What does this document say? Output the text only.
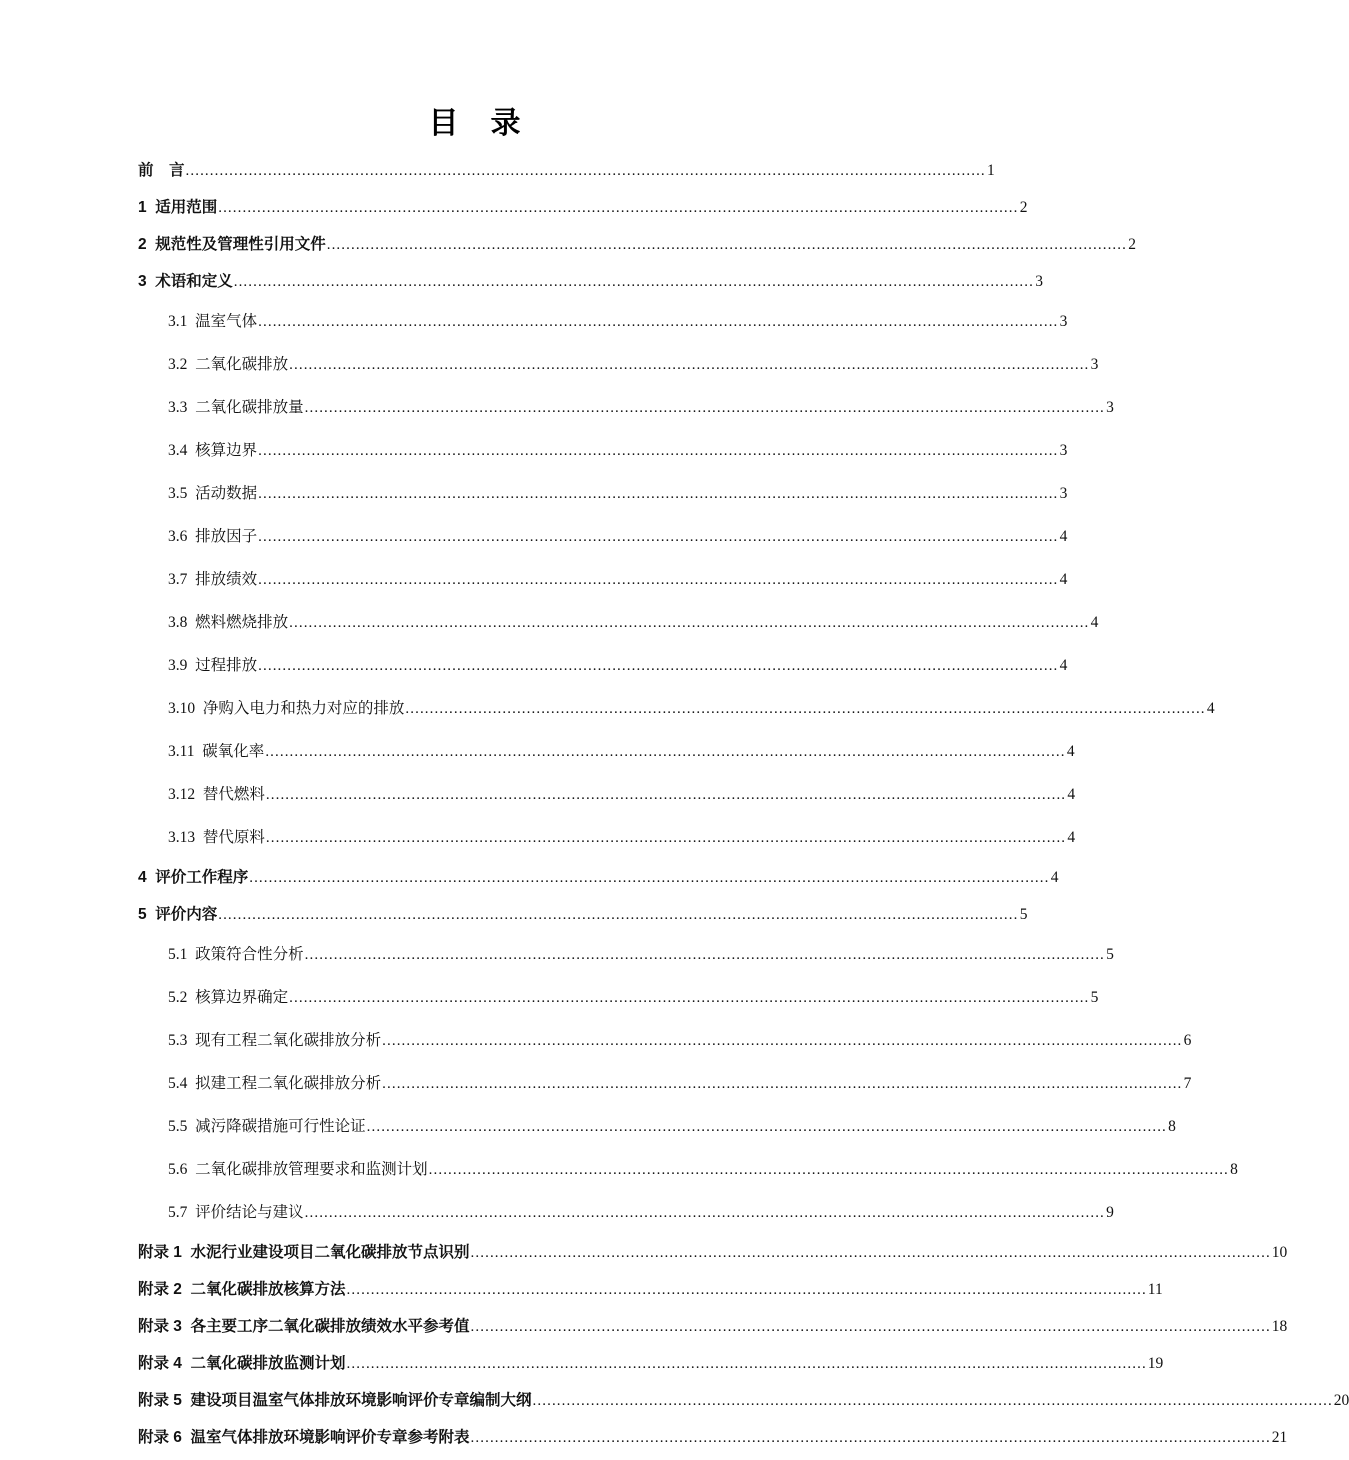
目　录
前　言 .....	1
1  适用范围 .....	2
2  规范性及管理性引用文件 .....	2
3  术语和定义 .....	3
3.1  温室气体 .....	3
3.2  二氧化碳排放 .....	3
3.3  二氧化碳排放量 .....	3
3.4  核算边界 .....	3
3.5  活动数据 .....	3
3.6  排放因子 .....	4
3.7  排放绩效 .....	4
3.8  燃料燃烧排放 .....	4
3.9  过程排放 .....	4
3.10  净购入电力和热力对应的排放 .....	4
3.11  碳氧化率 .....	4
3.12  替代燃料 .....	4
3.13  替代原料 .....	4
4  评价工作程序 .....	4
5  评价内容 .....	5
5.1  政策符合性分析 .....	5
5.2  核算边界确定 .....	5
5.3  现有工程二氧化碳排放分析 .....	6
5.4  拟建工程二氧化碳排放分析 .....	7
5.5  减污降碳措施可行性论证 .....	8
5.6  二氧化碳排放管理要求和监测计划 .....	8
5.7  评价结论与建议 .....	9
附录 1  水泥行业建设项目二氧化碳排放节点识别 .....	10
附录 2  二氧化碳排放核算方法 .....	11
附录 3  各主要工序二氧化碳排放绩效水平参考值 .....	18
附录 4  二氧化碳排放监测计划 .....	19
附录 5  建设项目温室气体排放环境影响评价专章编制大纲 .....	20
附录 6  温室气体排放环境影响评价专章参考附表 .....	21
